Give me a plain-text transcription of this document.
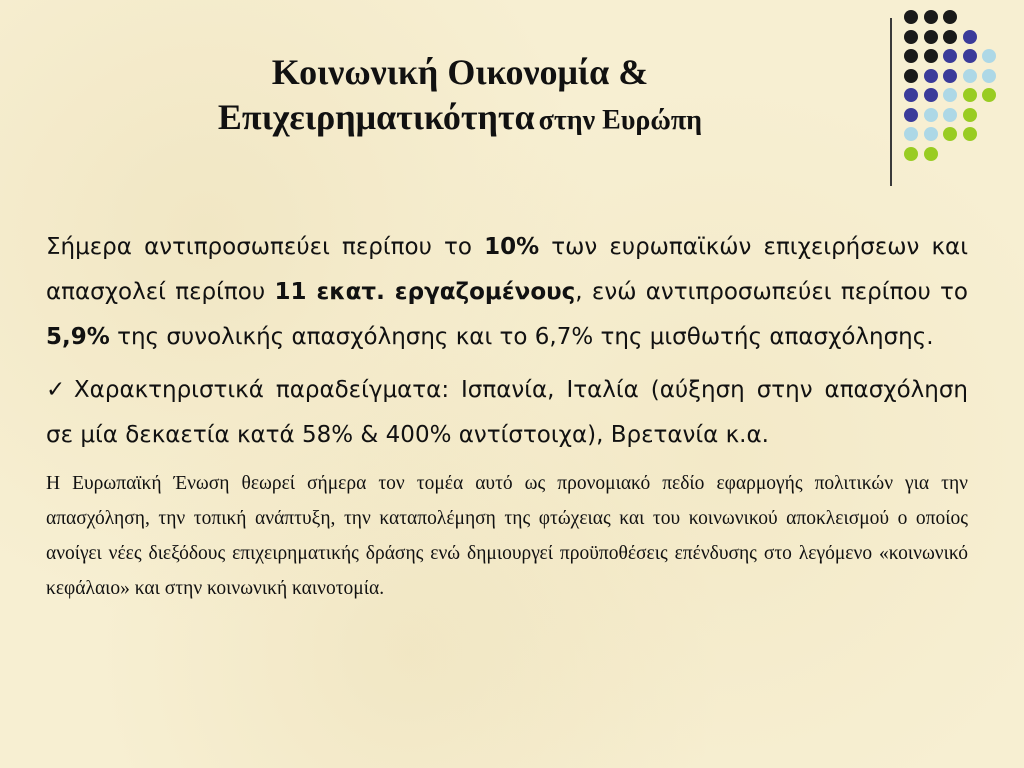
Κοινωνική Οικονομία &
Επιχειρηματικότητα στην Ευρώπη

Σήμερα αντιπροσωπεύει περίπου το 10% των ευρωπαϊκών επιχειρήσεων και απασχολεί περίπου 11 εκατ. εργαζομένους, ενώ αντιπροσωπεύει περίπου το 5,9% της συνολικής απασχόλησης και το 6,7% της μισθωτής απασχόλησης.

✓ Χαρακτηριστικά παραδείγματα: Ισπανία, Ιταλία (αύξηση στην απασχόληση σε μία δεκαετία κατά 58% & 400% αντίστοιχα), Βρετανία κ.α.

Η Ευρωπαϊκή Ένωση θεωρεί σήμερα τον τομέα αυτό ως προνομιακό πεδίο εφαρμογής πολιτικών για την απασχόληση, την τοπική ανάπτυξη, την καταπολέμηση της φτώχειας και του κοινωνικού αποκλεισμού ο οποίος ανοίγει νέες διεξόδους επιχειρηματικής δράσης ενώ δημιουργεί προϋποθέσεις επένδυσης στο λεγόμενο «κοινωνικό κεφάλαιο» και στην κοινωνική καινοτομία.
